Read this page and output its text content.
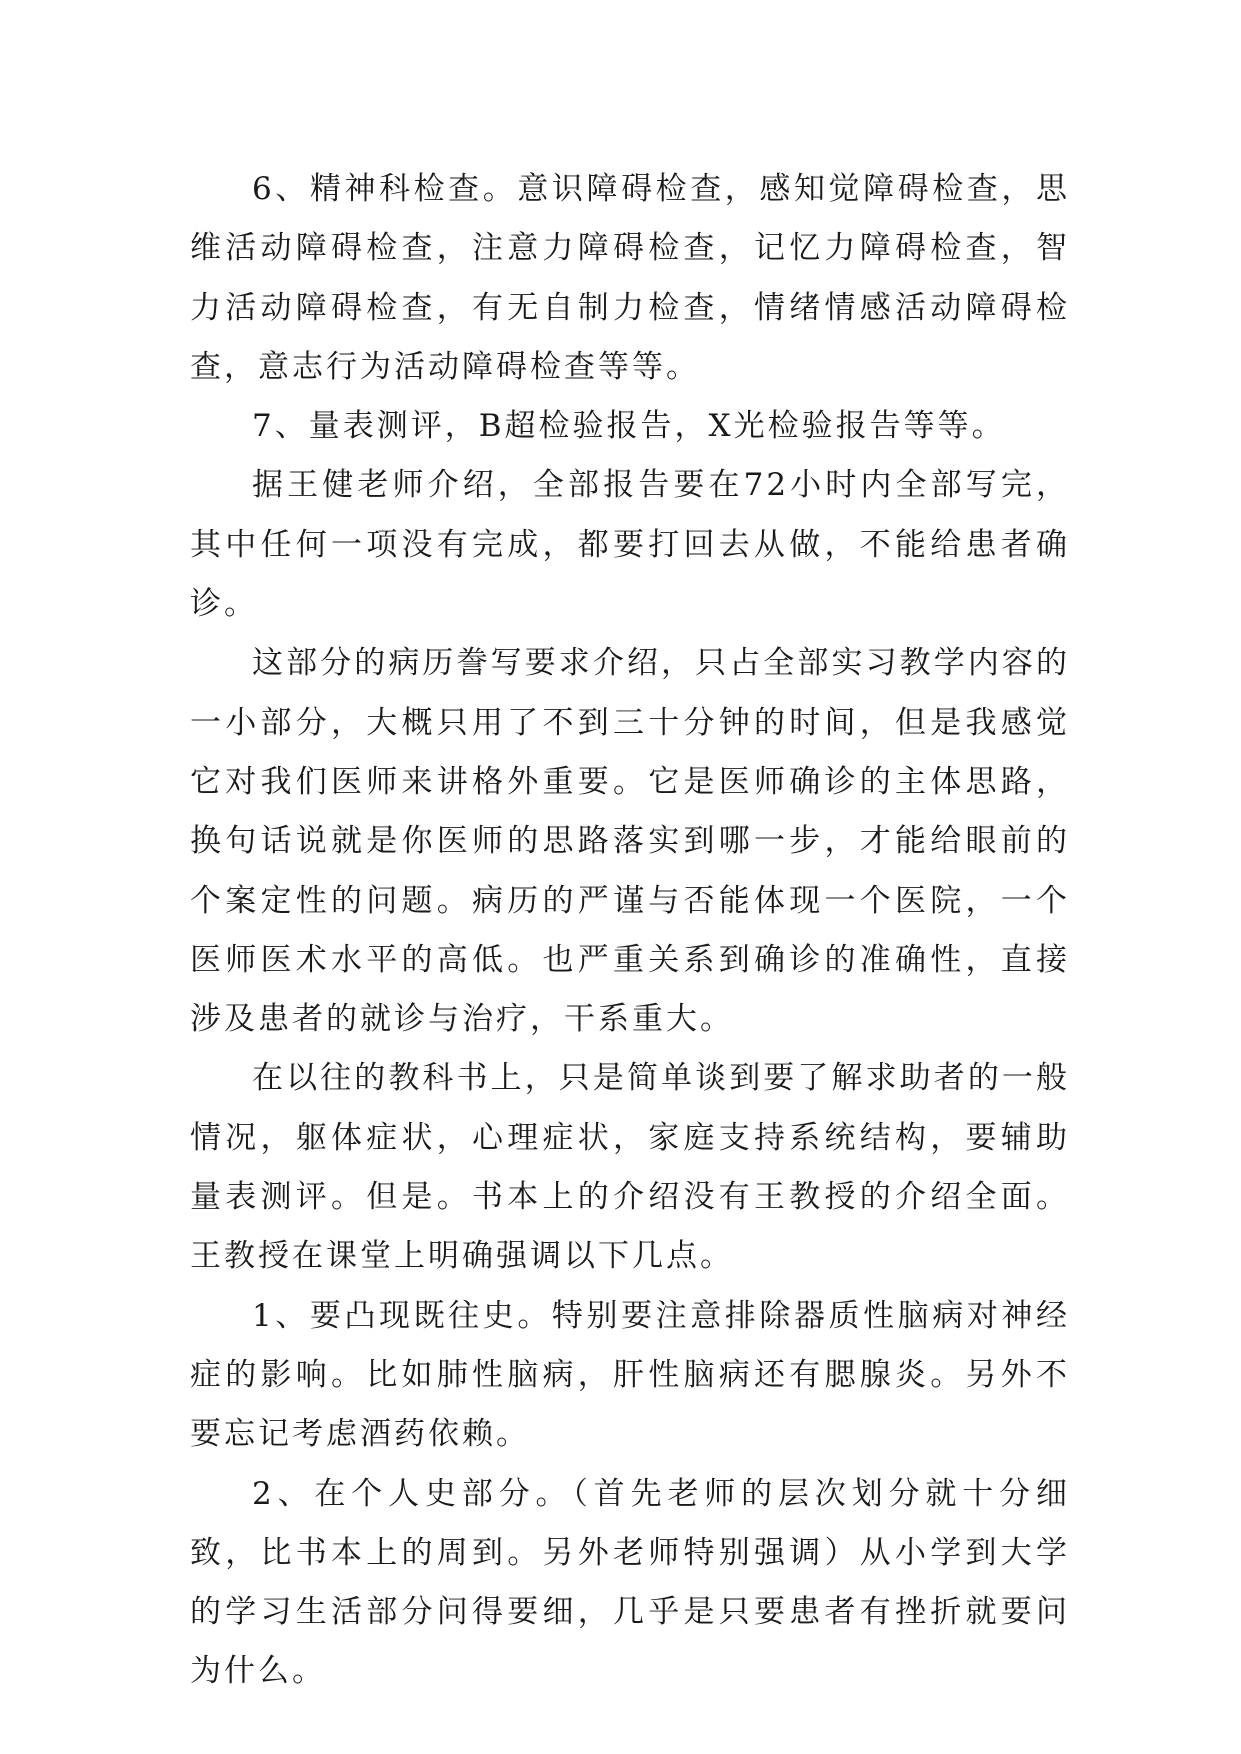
6、精神科检查。意识障碍检查，感知觉障碍检查，思维活动障碍检查，注意力障碍检查，记忆力障碍检查，智力活动障碍检查，有无自制力检查，情绪情感活动障碍检查，意志行为活动障碍检查等等。

7、量表测评，B超检验报告，X光检验报告等等。

据王健老师介绍，全部报告要在72小时内全部写完，其中任何一项没有完成，都要打回去从做，不能给患者确诊。

这部分的病历誊写要求介绍，只占全部实习教学内容的一小部分，大概只用了不到三十分钟的时间，但是我感觉它对我们医师来讲格外重要。它是医师确诊的主体思路，换句话说就是你医师的思路落实到哪一步，才能给眼前的个案定性的问题。病历的严谨与否能体现一个医院，一个医师医术水平的高低。也严重关系到确诊的准确性，直接涉及患者的就诊与治疗，干系重大。

在以往的教科书上，只是简单谈到要了解求助者的一般情况，躯体症状，心理症状，家庭支持系统结构，要辅助量表测评。但是。书本上的介绍没有王教授的介绍全面。王教授在课堂上明确强调以下几点。

1、要凸现既往史。特别要注意排除器质性脑病对神经症的影响。比如肺性脑病，肝性脑病还有腮腺炎。另外不要忘记考虑酒药依赖。

2、在个人史部分。（首先老师的层次划分就十分细致，比书本上的周到。另外老师特别强调）从小学到大学的学习生活部分问得要细，几乎是只要患者有挫折就要问为什么。
